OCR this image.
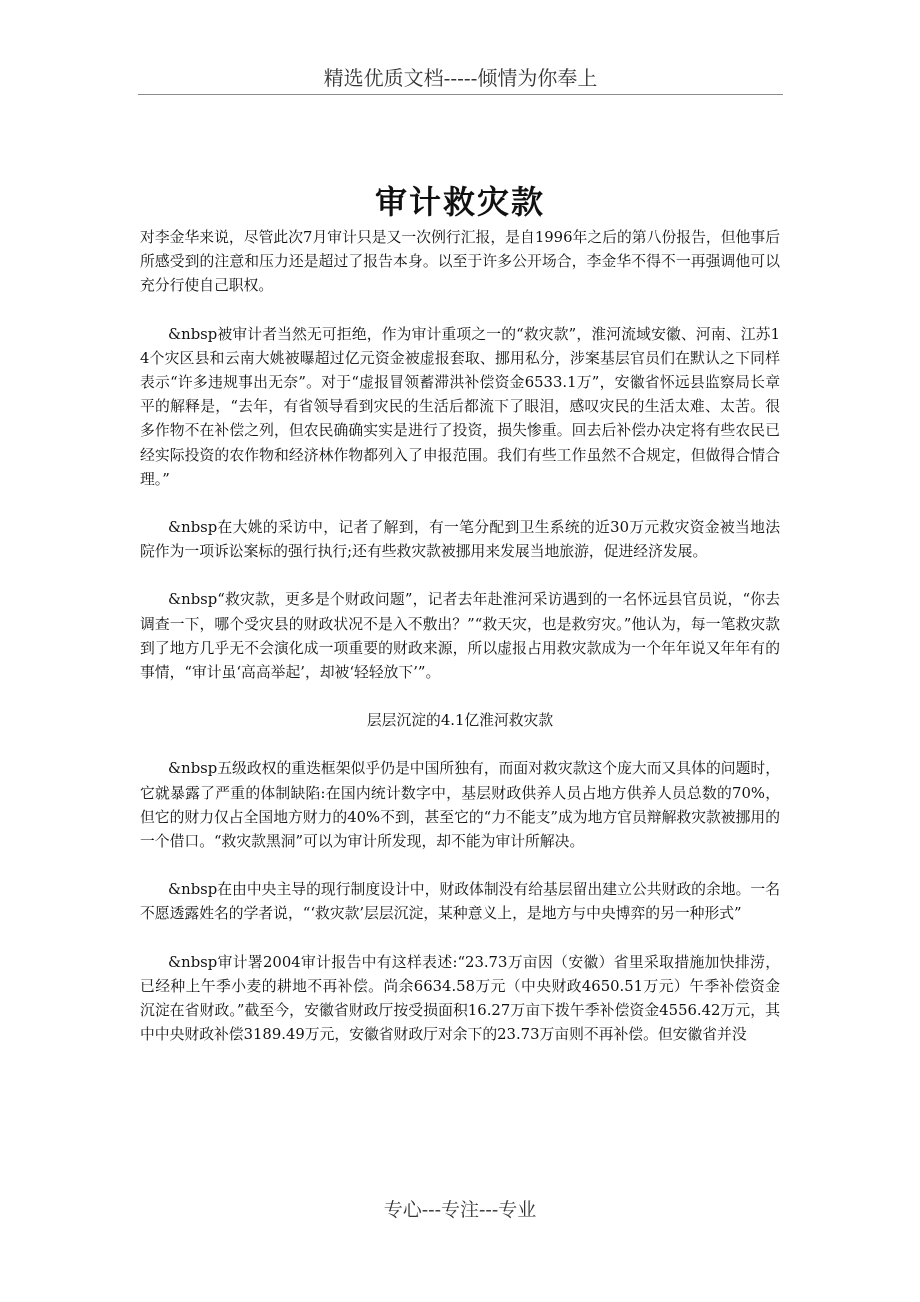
精选优质文档-----倾情为你奉上
审计救灾款

对李金华来说，尽管此次7月审计只是又一次例行汇报，是自1996年之后的第八份报告，但他事后所感受到的注意和压力还是超过了报告本身。以至于许多公开场合，李金华不得不一再强调他可以充分行使自己职权。

&nbsp被审计者当然无可拒绝，作为审计重项之一的“救灾款”，淮河流域安徽、河南、江苏14个灾区县和云南大姚被曝超过亿元资金被虚报套取、挪用私分，涉案基层官员们在默认之下同样表示“许多违规事出无奈”。对于“虚报冒领蓄滞洪补偿资金6533.1万”，安徽省怀远县监察局长章平的解释是，“去年，有省领导看到灾民的生活后都流下了眼泪，感叹灾民的生活太难、太苦。很多作物不在补偿之列，但农民确确实实是进行了投资，损失惨重。回去后补偿办决定将有些农民已经实际投资的农作物和经济林作物都列入了申报范围。我们有些工作虽然不合规定，但做得合情合理。”

&nbsp在大姚的采访中，记者了解到，有一笔分配到卫生系统的近30万元救灾资金被当地法院作为一项诉讼案标的强行执行;还有些救灾款被挪用来发展当地旅游，促进经济发展。

&nbsp“救灾款，更多是个财政问题”，记者去年赴淮河采访遇到的一名怀远县官员说，“你去调查一下，哪个受灾县的财政状况不是入不敷出？”“救天灾，也是救穷灾。”他认为，每一笔救灾款到了地方几乎无不会演化成一项重要的财政来源，所以虚报占用救灾款成为一个年年说又年年有的事情，“审计虽‘高高举起’，却被‘轻轻放下’”。

层层沉淀的4.1亿淮河救灾款

&nbsp五级政权的重迭框架似乎仍是中国所独有，而面对救灾款这个庞大而又具体的问题时，它就暴露了严重的体制缺陷:在国内统计数字中，基层财政供养人员占地方供养人员总数的70%，但它的财力仅占全国地方财力的40%不到，甚至它的“力不能支”成为地方官员辩解救灾款被挪用的一个借口。“救灾款黑洞”可以为审计所发现，却不能为审计所解决。

&nbsp在由中央主导的现行制度设计中，财政体制没有给基层留出建立公共财政的余地。一名不愿透露姓名的学者说，“‘救灾款’层层沉淀，某种意义上，是地方与中央博弈的另一种形式”

&nbsp审计署2004审计报告中有这样表述:“23.73万亩因（安徽）省里采取措施加快排涝，已经种上午季小麦的耕地不再补偿。尚余6634.58万元（中央财政4650.51万元）午季补偿资金沉淀在省财政。”截至今，安徽省财政厅按受损面积16.27万亩下拨午季补偿资金4556.42万元，其中中央财政补偿3189.49万元，安徽省财政厅对余下的23.73万亩则不再补偿。但安徽省并没

专心---专注---专业
